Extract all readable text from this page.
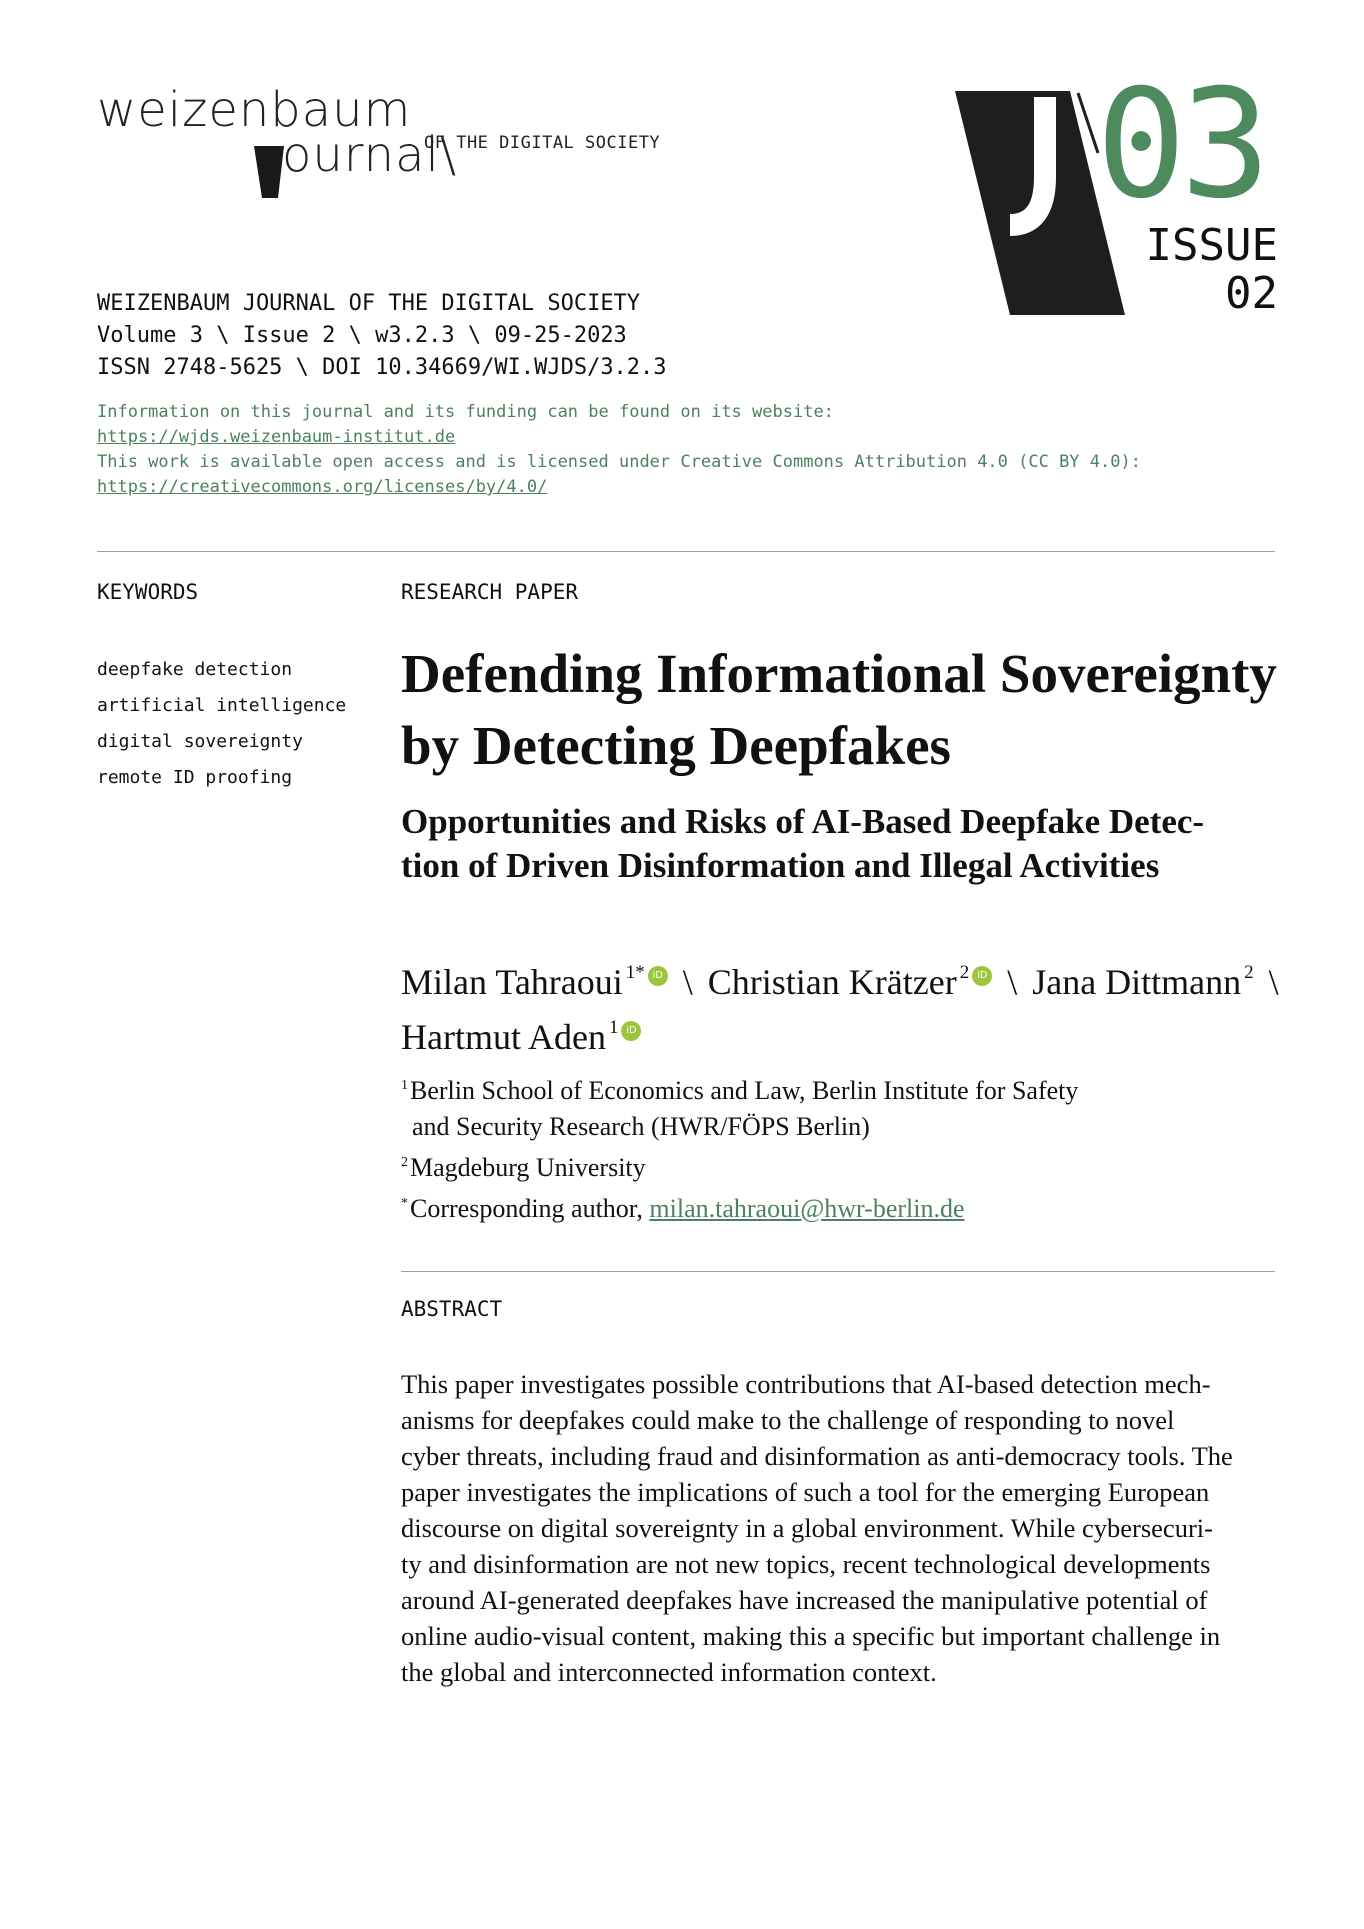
weizenbaum
ournal\
OF THE DIGITAL SOCIETY	03
ISSUE
02
WEIZENBAUM JOURNAL OF THE DIGITAL SOCIETY
Volume 3 \ Issue 2 \ w3.2.3 \ 09-25-2023
ISSN 2748-5625 \ DOI 10.34669/WI.WJDS/3.2.3
Information on this journal and its funding can be found on its website:
https://wjds.weizenbaum-institut.de
This work is available open access and is licensed under Creative Commons Attribution 4.0 (CC BY 4.0):
https://creativecommons.org/licenses/by/4.0/
KEYWORDS
deepfake detection
artificial intelligence
digital sovereignty
remote ID proofing
RESEARCH PAPER
Defending Informational Sovereignty
by Detecting Deepfakes
Opportunities and Risks of AI-Based Deepfake Detec-
tion of Driven Disinformation and Illegal Activities
Milan Tahraoui $^{1*}$ iD \ Christian Krätzer $^2$ iD \ Jana Dittmann $^2$ \
Hartmut Aden $^1$ iD
$^1$Berlin School of Economics and Law, Berlin Institute for Safety
and Security Research (HWR/FÖPS Berlin)
$^2$Magdeburg University
*Corresponding author, milan.tahraoui@hwr-berlin.de
ABSTRACT

This paper investigates possible contributions that AI-based detection mech-
anisms for deepfakes could make to the challenge of responding to novel
cyber threats, including fraud and disinformation as anti-democracy tools. The
paper investigates the implications of such a tool for the emerging European
discourse on digital sovereignty in a global environment. While cybersecuri-
ty and disinformation are not new topics, recent technological developments
around AI-generated deepfakes have increased the manipulative potential of
online audio-visual content, making this a specific but important challenge in
the global and interconnected information context.
